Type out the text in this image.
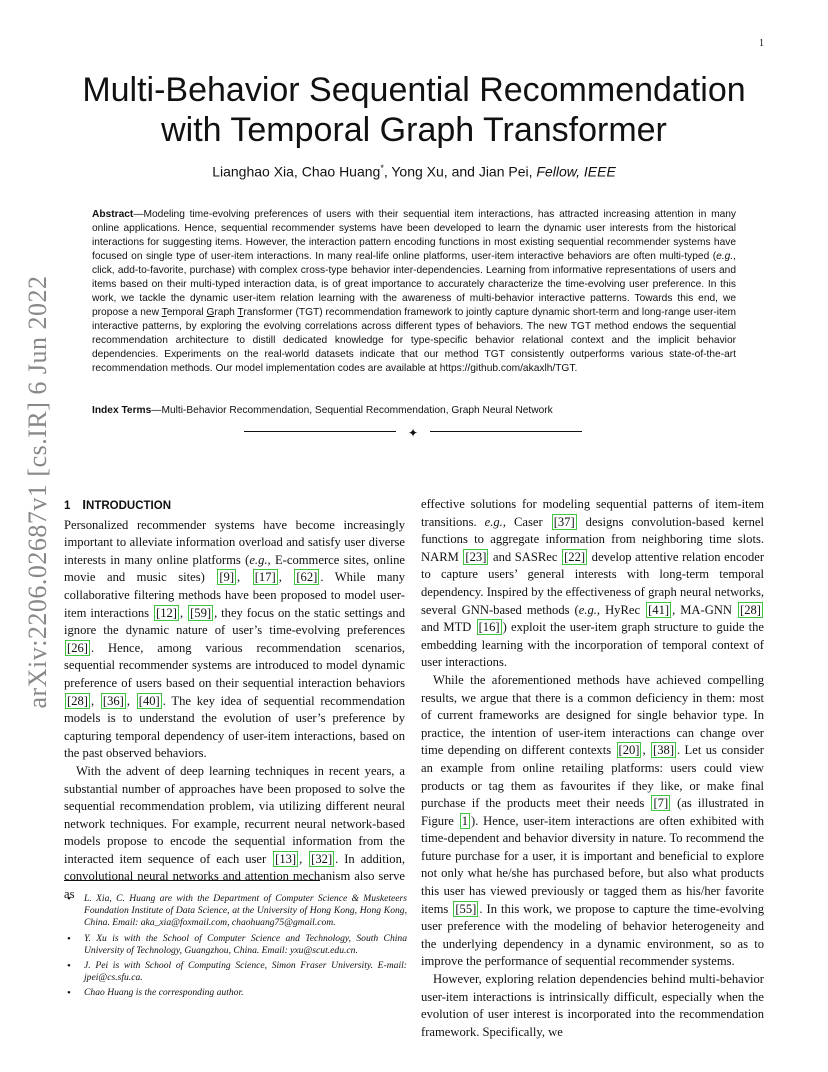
1
arXiv:2206.02687v1 [cs.IR] 6 Jun 2022
Multi-Behavior Sequential Recommendation
with Temporal Graph Transformer
Lianghao Xia, Chao Huang*, Yong Xu, and Jian Pei, Fellow, IEEE
Abstract—Modeling time-evolving preferences of users with their sequential item interactions, has attracted increasing attention in many online applications. Hence, sequential recommender systems have been developed to learn the dynamic user interests from the historical interactions for suggesting items. However, the interaction pattern encoding functions in most existing sequential recommender systems have focused on single type of user-item interactions. In many real-life online platforms, user-item interactive behaviors are often multi-typed (e.g., click, add-to-favorite, purchase) with complex cross-type behavior inter-dependencies. Learning from informative representations of users and items based on their multi-typed interaction data, is of great importance to accurately characterize the time-evolving user preference. In this work, we tackle the dynamic user-item relation learning with the awareness of multi-behavior interactive patterns. Towards this end, we propose a new Temporal Graph Transformer (TGT) recommendation framework to jointly capture dynamic short-term and long-range user-item interactive patterns, by exploring the evolving correlations across different types of behaviors. The new TGT method endows the sequential recommendation architecture to distill dedicated knowledge for type-specific behavior relational context and the implicit behavior dependencies. Experiments on the real-world datasets indicate that our method TGT consistently outperforms various state-of-the-art recommendation methods. Our model implementation codes are available at https://github.com/akaxlh/TGT.
Index Terms—Multi-Behavior Recommendation, Sequential Recommendation, Graph Neural Network
✦
1 INTRODUCTION

Personalized recommender systems have become increasingly important to alleviate information overload and satisfy user diverse interests in many online platforms (e.g., E-commerce sites, online movie and music sites) [9] , [17] , [62] . While many collaborative filtering methods have been proposed to model user-item interactions [12] , [59] , they focus on the static settings and ignore the dynamic nature of user’s time-evolving preferences [26] . Hence, among various recommendation scenarios, sequential recommender systems are introduced to model dynamic preference of users based on their sequential interaction behaviors [28] , [36] , [40] . The key idea of sequential recommendation models is to understand the evolution of user’s preference by capturing temporal dependency of user-item interactions, based on the past observed behaviors.

With the advent of deep learning techniques in recent years, a substantial number of approaches have been proposed to solve the sequential recommendation problem, via utilizing different neural network techniques. For example, recurrent neural network-based models propose to encode the sequential information from the interacted item sequence of each user [13] , [32] . In addition, convolutional neural networks and attention mechanism also serve as

• L. Xia, C. Huang are with the Department of Computer Science & Musketeers Foundation Institute of Data Science, at the University of Hong Kong, Hong Kong, China. Email: aka_xia@foxmail.com, chaohuang75@gmail.com.
• Y. Xu is with the School of Computer Science and Technology, South China University of Technology, Guangzhou, China. Email: yxu@scut.edu.cn.
• J. Pei is with School of Computing Science, Simon Fraser University. E-mail: jpei@cs.sfu.ca.
• Chao Huang is the corresponding author.

effective solutions for modeling sequential patterns of item-item transitions. e.g., Caser [37] designs convolution-based kernel functions to aggregate information from neighboring time slots. NARM [23] and SASRec [22] develop attentive relation encoder to capture users’ general interests with long-term temporal dependency. Inspired by the effectiveness of graph neural networks, several GNN-based methods (e.g., HyRec [41] , MA-GNN [28] and MTD [16] ) exploit the user-item graph structure to guide the embedding learning with the incorporation of temporal context of user interactions.

While the aforementioned methods have achieved compelling results, we argue that there is a common deficiency in them: most of current frameworks are designed for single behavior type. In practice, the intention of user-item interactions can change over time depending on different contexts [20] , [38] . Let us consider an example from online retailing platforms: users could view products or tag them as favourites if they like, or make final purchase if the products meet their needs [7] (as illustrated in Figure 1 ). Hence, user-item interactions are often exhibited with time-dependent and behavior diversity in nature. To recommend the future purchase for a user, it is important and beneficial to explore not only what he/she has purchased before, but also what products this user has viewed previously or tagged them as his/her favorite items [55] . In this work, we propose to capture the time-evolving user preference with the modeling of behavior heterogeneity and the underlying dependency in a dynamic environment, so as to improve the performance of sequential recommender systems.

However, exploring relation dependencies behind multi-behavior user-item interactions is intrinsically difficult, especially when the evolution of user interest is incorporated into the recommendation framework. Specifically, we
